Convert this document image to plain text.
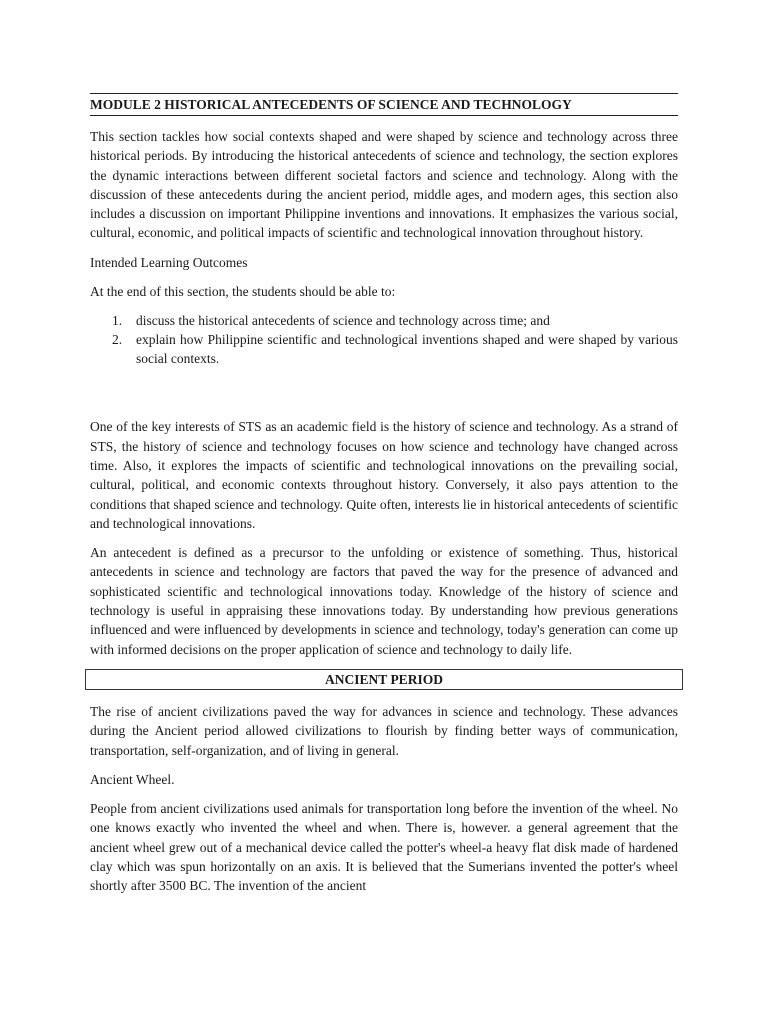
MODULE 2 HISTORICAL ANTECEDENTS OF SCIENCE AND TECHNOLOGY

This section tackles how social contexts shaped and were shaped by science and technology across three historical periods. By introducing the historical antecedents of science and technology, the section explores the dynamic interactions between different societal factors and science and technology. Along with the discussion of these antecedents during the ancient period, middle ages, and modern ages, this section also includes a discussion on important Philippine inventions and innovations. It emphasizes the various social, cultural, economic, and political impacts of scientific and technological innovation throughout history.

Intended Learning Outcomes

At the end of this section, the students should be able to:

1. discuss the historical antecedents of science and technology across time; and
2. explain how Philippine scientific and technological inventions shaped and were shaped by various social contexts.

One of the key interests of STS as an academic field is the history of science and technology. As a strand of STS, the history of science and technology focuses on how science and technology have changed across time. Also, it explores the impacts of scientific and technological innovations on the prevailing social, cultural, political, and economic contexts throughout history. Conversely, it also pays attention to the conditions that shaped science and technology. Quite often, interests lie in historical antecedents of scientific and technological innovations.

An antecedent is defined as a precursor to the unfolding or existence of something. Thus, historical antecedents in science and technology are factors that paved the way for the presence of advanced and sophisticated scientific and technological innovations today. Knowledge of the history of science and technology is useful in appraising these innovations today. By understanding how previous generations influenced and were influenced by developments in science and technology, today's generation can come up with informed decisions on the proper application of science and technology to daily life.

ANCIENT PERIOD

The rise of ancient civilizations paved the way for advances in science and technology. These advances during the Ancient period allowed civilizations to flourish by finding better ways of communication, transportation, self-organization, and of living in general.

Ancient Wheel.

People from ancient civilizations used animals for transportation long before the invention of the wheel. No one knows exactly who invented the wheel and when. There is, however. a general agreement that the ancient wheel grew out of a mechanical device called the potter's wheel-a heavy flat disk made of hardened clay which was spun horizontally on an axis. It is believed that the Sumerians invented the potter's wheel shortly after 3500 BC. The invention of the ancient
